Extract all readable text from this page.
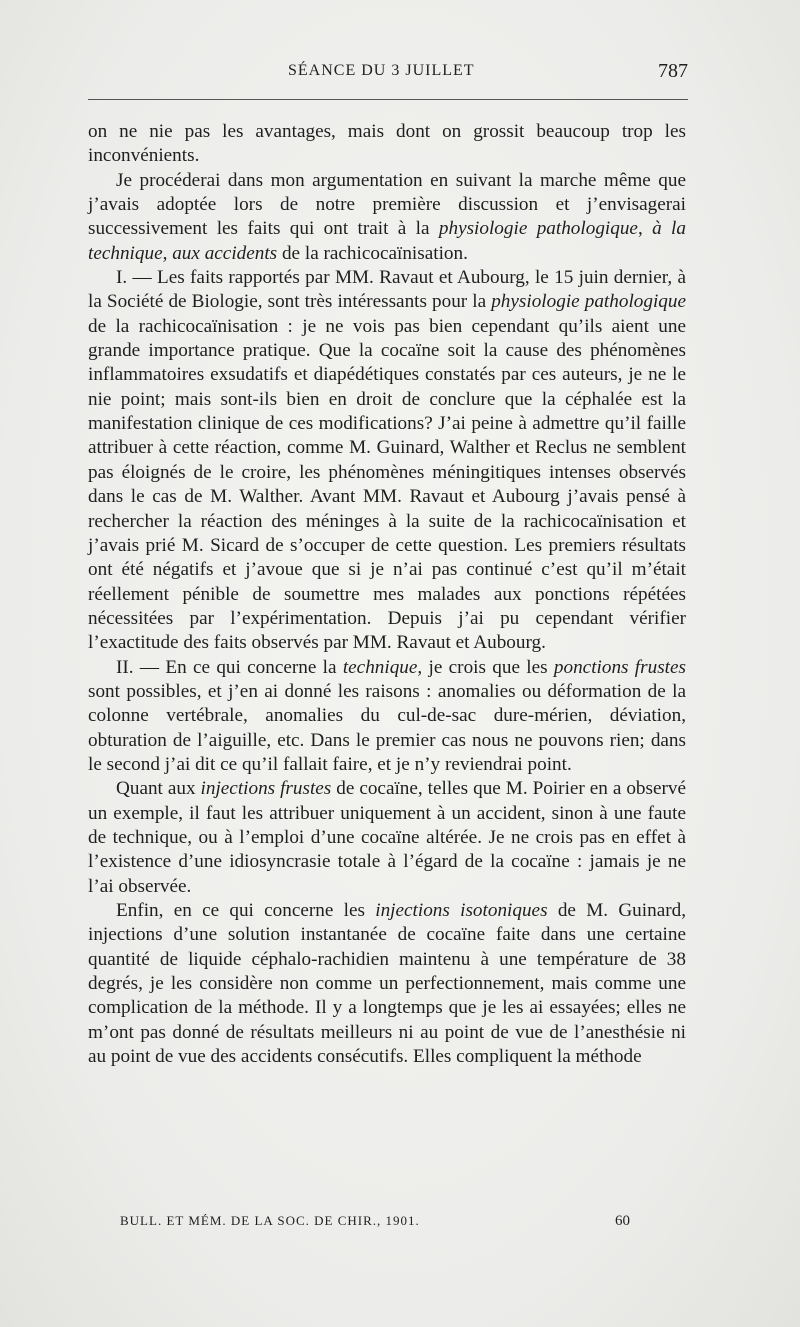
SÉANCE DU 3 JUILLET	787

on ne nie pas les avantages, mais dont on grossit beaucoup trop les inconvénients.

Je procéderai dans mon argumentation en suivant la marche même que j’avais adoptée lors de notre première discussion et j’envisagerai successivement les faits qui ont trait à la physiologie pathologique, à la technique, aux accidents de la rachicocaïnisation.

I. — Les faits rapportés par MM. Ravaut et Aubourg, le 15 juin dernier, à la Société de Biologie, sont très intéressants pour la physiologie pathologique de la rachicocaïnisation : je ne vois pas bien cependant qu’ils aient une grande importance pratique. Que la cocaïne soit la cause des phénomènes inflammatoires exsudatifs et diapédétiques constatés par ces auteurs, je ne le nie point; mais sont-ils bien en droit de conclure que la céphalée est la manifestation clinique de ces modifications? J’ai peine à admettre qu’il faille attribuer à cette réaction, comme M. Guinard, Walther et Reclus ne semblent pas éloignés de le croire, les phénomènes méningitiques intenses observés dans le cas de M. Walther. Avant MM. Ravaut et Aubourg j’avais pensé à rechercher la réaction des méninges à la suite de la rachicocaïnisation et j’avais prié M. Sicard de s’occuper de cette question. Les premiers résultats ont été négatifs et j’avoue que si je n’ai pas continué c’est qu’il m’était réellement pénible de soumettre mes malades aux ponctions répétées nécessitées par l’expérimentation. Depuis j’ai pu cependant vérifier l’exactitude des faits observés par MM. Ravaut et Aubourg.

II. — En ce qui concerne la technique, je crois que les ponctions frustes sont possibles, et j’en ai donné les raisons : anomalies ou déformation de la colonne vertébrale, anomalies du cul-de-sac dure-mérien, déviation, obturation de l’aiguille, etc. Dans le premier cas nous ne pouvons rien; dans le second j’ai dit ce qu’il fallait faire, et je n’y reviendrai point.

Quant aux injections frustes de cocaïne, telles que M. Poirier en a observé un exemple, il faut les attribuer uniquement à un accident, sinon à une faute de technique, ou à l’emploi d’une cocaïne altérée. Je ne crois pas en effet à l’existence d’une idiosyncrasie totale à l’égard de la cocaïne : jamais je ne l’ai observée.

Enfin, en ce qui concerne les injections isotoniques de M. Guinard, injections d’une solution instantanée de cocaïne faite dans une certaine quantité de liquide céphalo-rachidien maintenu à une température de 38 degrés, je les considère non comme un perfectionnement, mais comme une complication de la méthode. Il y a longtemps que je les ai essayées; elles ne m’ont pas donné de résultats meilleurs ni au point de vue de l’anesthésie ni au point de vue des accidents consécutifs. Elles compliquent la méthode

BULL. ET MÉM. DE LA SOC. DE CHIR., 1901.	60
